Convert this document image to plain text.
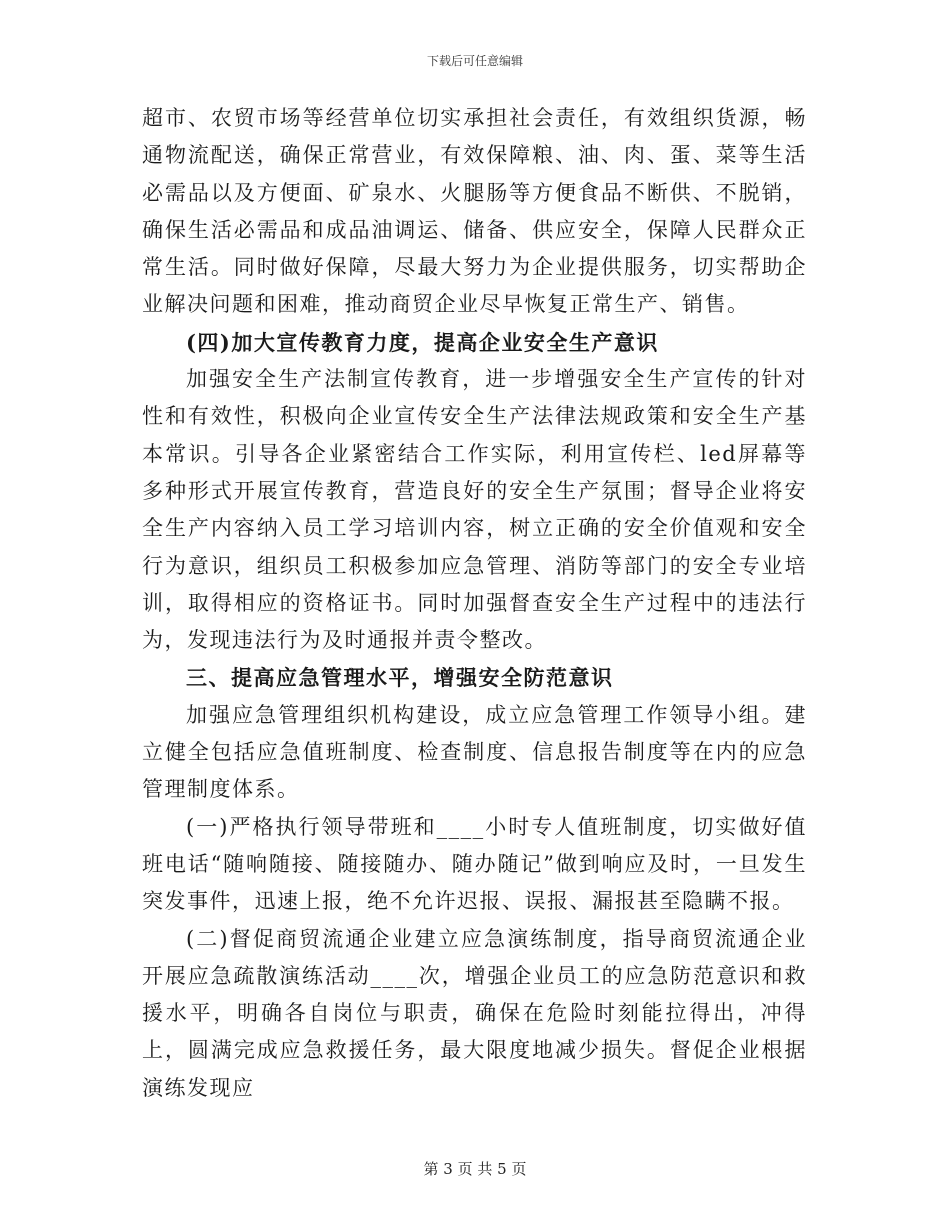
下载后可任意编辑

超市、农贸市场等经营单位切实承担社会责任，有效组织货源，畅通物流配送，确保正常营业，有效保障粮、油、肉、蛋、菜等生活必需品以及方便面、矿泉水、火腿肠等方便食品不断供、不脱销，确保生活必需品和成品油调运、储备、供应安全，保障人民群众正常生活。同时做好保障，尽最大努力为企业提供服务，切实帮助企业解决问题和困难，推动商贸企业尽早恢复正常生产、销售。

(四)加大宣传教育力度，提高企业安全生产意识

加强安全生产法制宣传教育，进一步增强安全生产宣传的针对性和有效性，积极向企业宣传安全生产法律法规政策和安全生产基本常识。引导各企业紧密结合工作实际，利用宣传栏、led屏幕等多种形式开展宣传教育，营造良好的安全生产氛围；督导企业将安全生产内容纳入员工学习培训内容，树立正确的安全价值观和安全行为意识，组织员工积极参加应急管理、消防等部门的安全专业培训，取得相应的资格证书。同时加强督查安全生产过程中的违法行为，发现违法行为及时通报并责令整改。

三、提高应急管理水平，增强安全防范意识

加强应急管理组织机构建设，成立应急管理工作领导小组。建立健全包括应急值班制度、检查制度、信息报告制度等在内的应急管理制度体系。

(一)严格执行领导带班和____小时专人值班制度，切实做好值班电话“随响随接、随接随办、随办随记”做到响应及时，一旦发生突发事件，迅速上报，绝不允许迟报、误报、漏报甚至隐瞒不报。

(二)督促商贸流通企业建立应急演练制度，指导商贸流通企业开展应急疏散演练活动____次，增强企业员工的应急防范意识和救援水平，明确各自岗位与职责，确保在危险时刻能拉得出，冲得上，圆满完成应急救援任务，最大限度地减少损失。督促企业根据演练发现应

第 3 页 共 5 页
